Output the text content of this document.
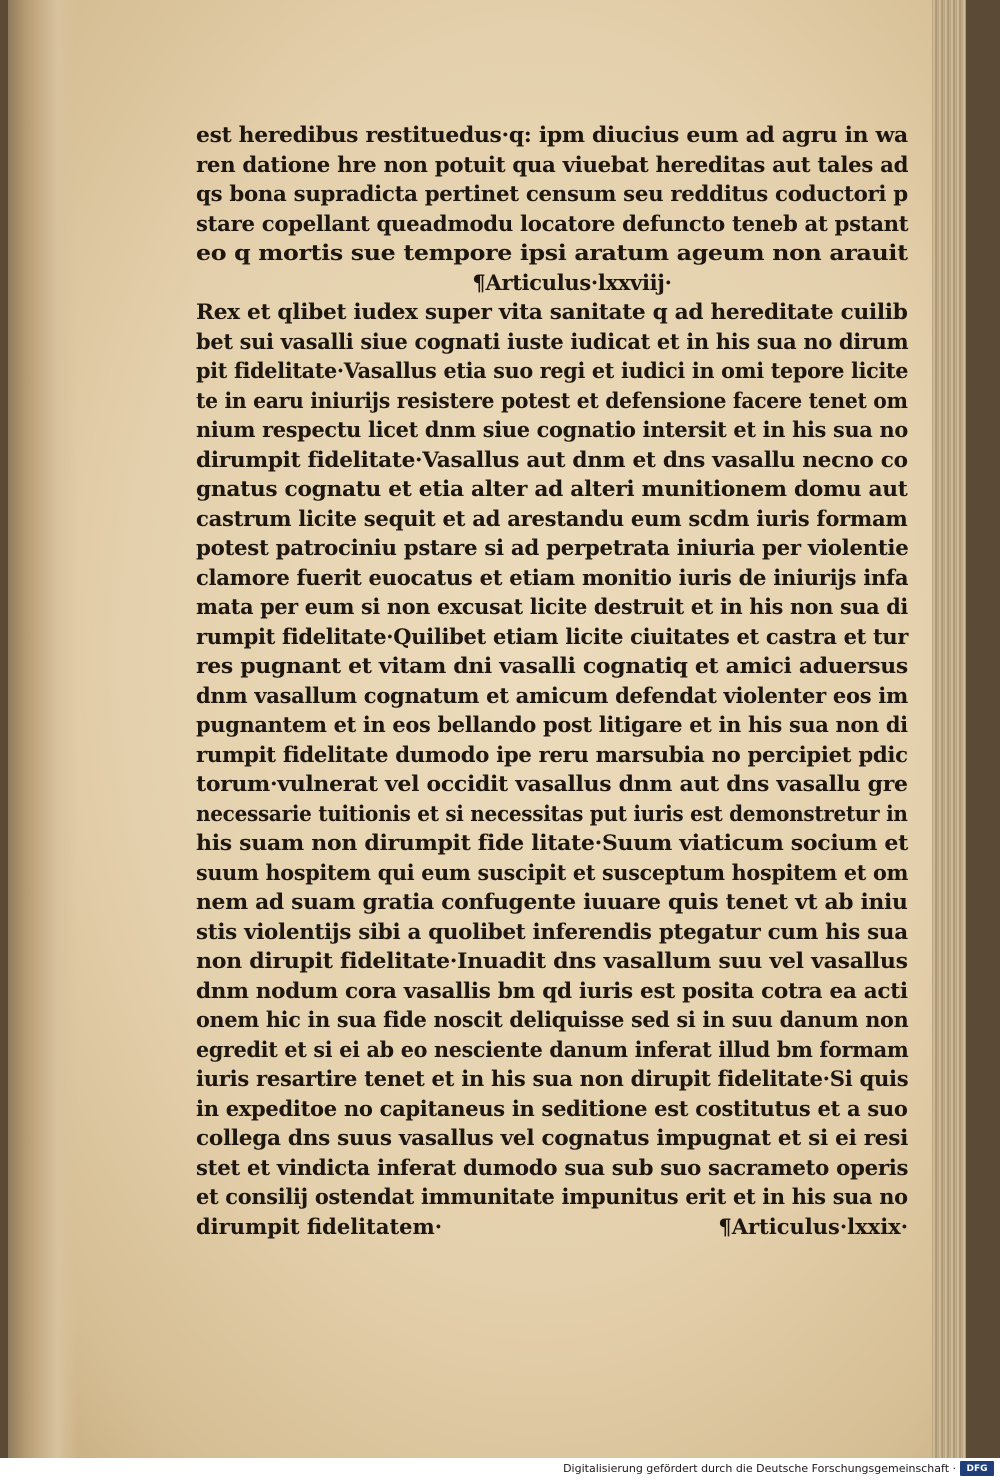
est heredibus restituedus·q: ipm diucius eum ad agru in wa
ren datione hre non potuit qua viuebat hereditas aut tales ad
qs bona supradicta pertinet censum seu redditus coductori p
stare copellant queadmodu locatore defuncto teneb at pstant
eo q mortis sue tempore ipsi aratum ageum non arauit
¶Articulus·lxxviij·
Rex et qlibet iudex super vita sanitate q ad hereditate cuilib
bet sui vasalli siue cognati iuste iudicat et in his sua no dirum
pit fidelitate·Vasallus etia suo regi et iudici in omi tepore licite
te in earu iniurijs resistere potest et defensione facere tenet om
nium respectu licet dnm siue cognatio intersit et in his sua no
dirumpit fidelitate·Vasallus aut dnm et dns vasallu necno co
gnatus cognatu et etia alter ad alteri munitionem domu aut
castrum licite sequit et ad arestandu eum scdm iuris formam
potest patrociniu pstare si ad perpetrata iniuria per violentie
clamore fuerit euocatus et etiam monitio iuris de iniurijs infa
mata per eum si non excusat licite destruit et in his non sua di
rumpit fidelitate·Quilibet etiam licite ciuitates et castra et tur
res pugnant et vitam dni vasalli cognatiq et amici aduersus
dnm vasallum cognatum et amicum defendat violenter eos im
pugnantem et in eos bellando post litigare et in his sua non di
rumpit fidelitate dumodo ipe reru marsubia no percipiet pdic
torum·vulnerat vel occidit vasallus dnm aut dns vasallu gre
necessarie tuitionis et si necessitas put iuris est demonstretur in
his suam non dirumpit fide litate·Suum viaticum socium et
suum hospitem qui eum suscipit et susceptum hospitem et om
nem ad suam gratia confugente iuuare quis tenet vt ab iniu
stis violentijs sibi a quolibet inferendis ptegatur cum his sua
non dirupit fidelitate·Inuadit dns vasallum suu vel vasallus
dnm nodum cora vasallis bm qd iuris est posita cotra ea acti
onem hic in sua fide noscit deliquisse sed si in suu danum non
egredit et si ei ab eo nesciente danum inferat illud bm formam
iuris resartire tenet et in his sua non dirupit fidelitate·Si quis
in expeditoe no capitaneus in seditione est costitutus et a suo
collega dns suus vasallus vel cognatus impugnat et si ei resi
stet et vindicta inferat dumodo sua sub suo sacrameto operis
et consilij ostendat immunitate impunitus erit et in his sua no
dirumpit fidelitatem·	¶Articulus·lxxix·
Digitalisierung gefördert durch die Deutsche Forschungsgemeinschaft ·	DFG
